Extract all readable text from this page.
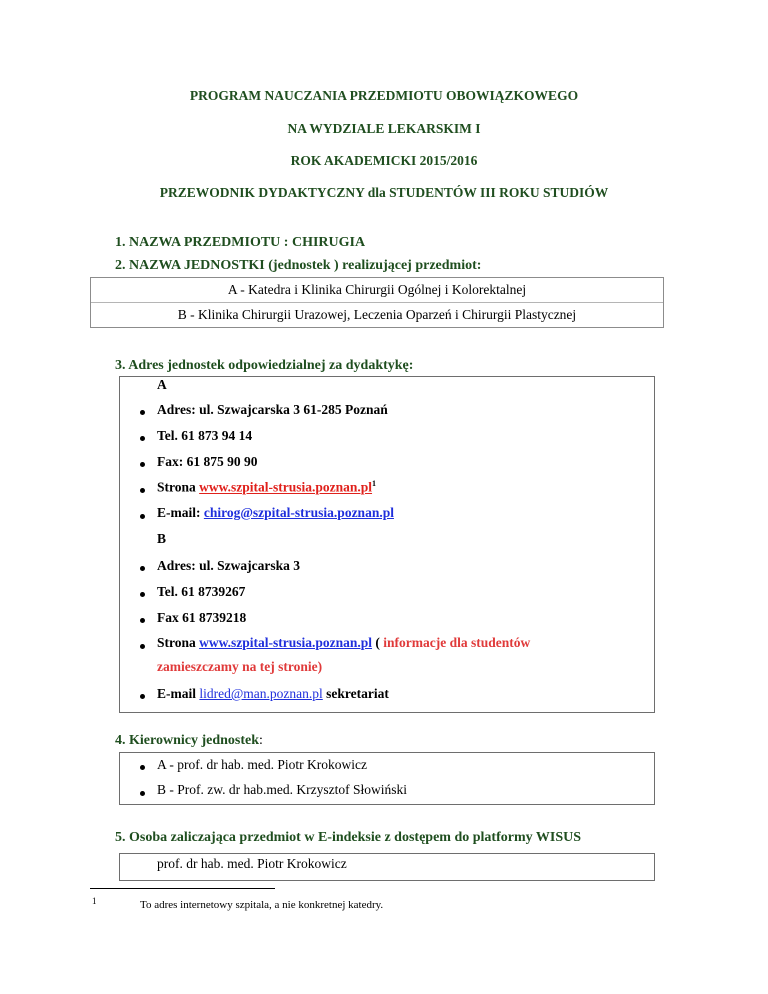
PROGRAM NAUCZANIA PRZEDMIOTU OBOWIĄZKOWEGO
NA WYDZIALE LEKARSKIM I
ROK AKADEMICKI 2015/2016
PRZEWODNIK DYDAKTYCZNY dla STUDENTÓW III ROKU STUDIÓW
1. NAZWA PRZEDMIOTU : CHIRUGIA
2. NAZWA JEDNOSTKI (jednostek ) realizującej przedmiot:
A - Katedra i Klinika Chirurgii Ogólnej i Kolorektalnej
B - Klinika Chirurgii Urazowej, Leczenia Oparzeń i Chirurgii Plastycznej
3. Adres jednostek odpowiedzialnej za dydaktykę:
A
Adres: ul. Szwajcarska 3 61-285 Poznań
Tel. 61 873 94 14
Fax: 61 875 90 90
Strona $www.szpital-strusia.poznan.pl^1$
E-mail: chirog@szpital-strusia.poznan.pl
B
Adres: ul. Szwajcarska 3
Tel. 61 8739267
Fax 61 8739218
Strona www.szpital-strusia.poznan.pl ( informacje dla studentów
zamieszczamy na tej stronie)
E-mail lidred@man.poznan.pl sekretariat
4. Kierownicy jednostek:
A - prof. dr hab. med. Piotr Krokowicz
B - Prof. zw. dr hab.med. Krzysztof Słowiński
5. Osoba zaliczająca przedmiot w E-indeksie z dostępem do platformy WISUS
prof. dr hab. med. Piotr Krokowicz
1	To adres internetowy szpitala, a nie konkretnej katedry.
